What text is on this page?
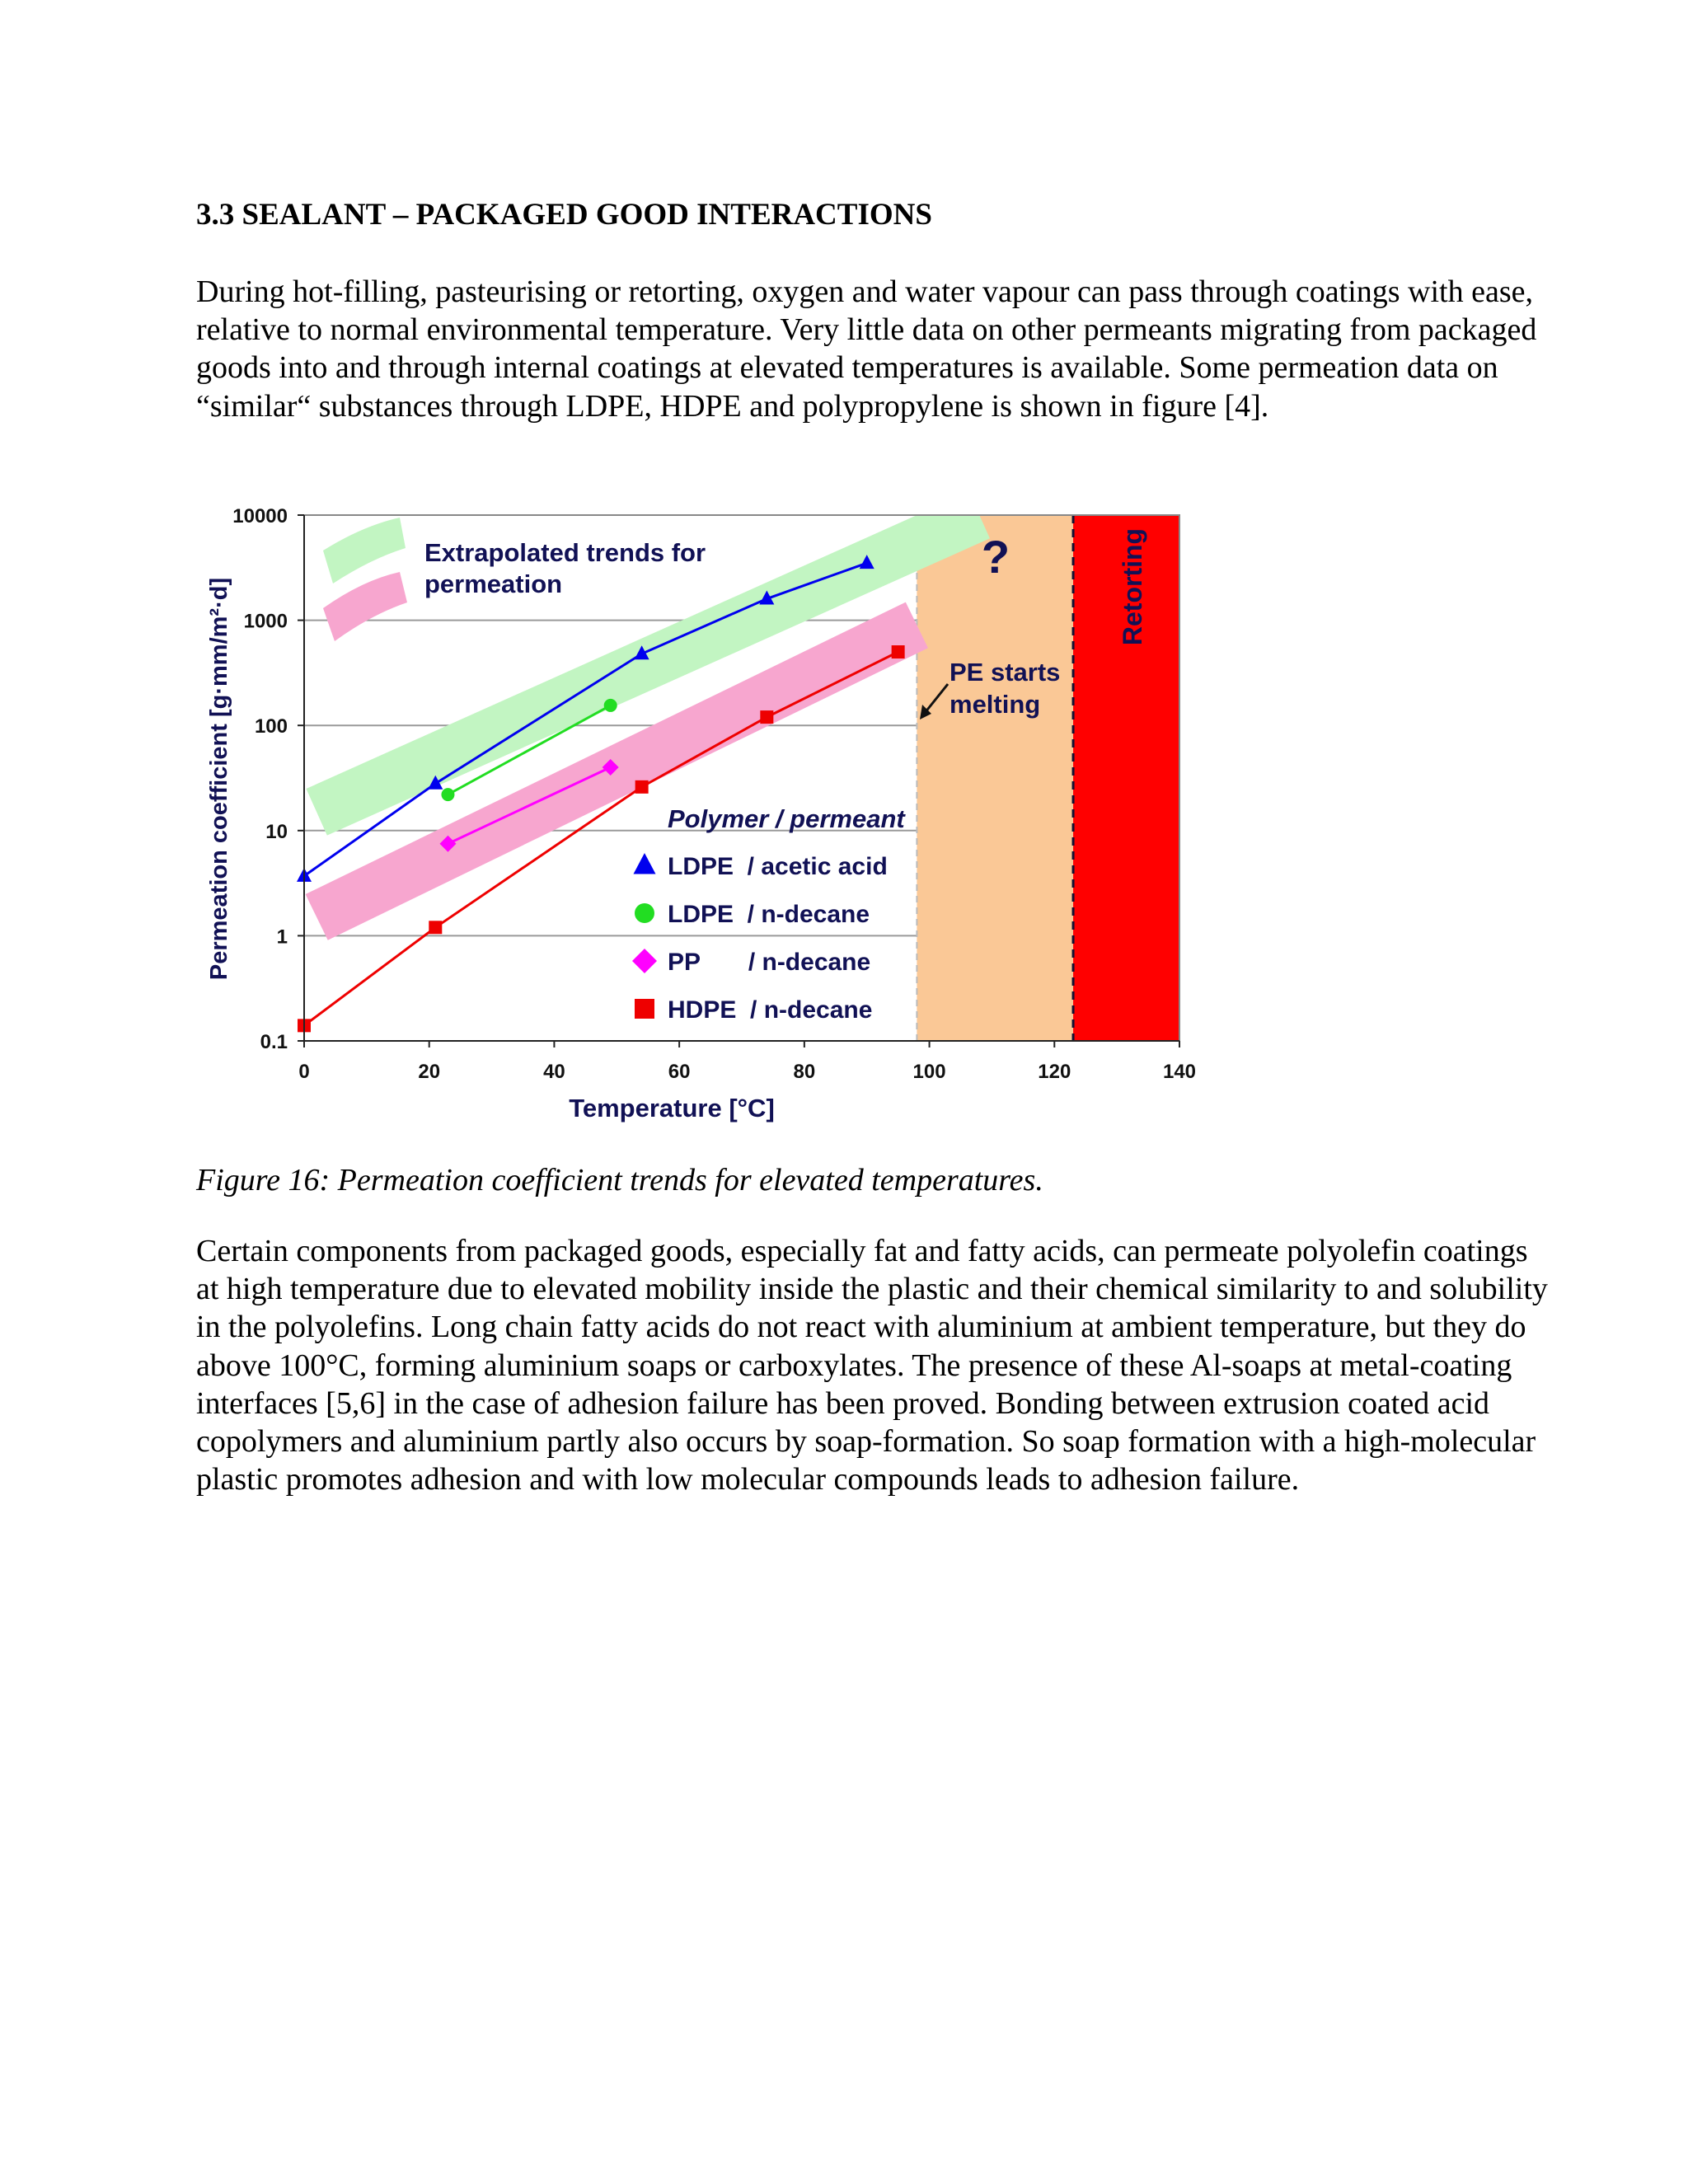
3.3 SEALANT – PACKAGED GOOD INTERACTIONS

During hot-filling, pasteurising or retorting, oxygen and water vapour can pass through coatings with ease, relative to normal environmental temperature. Very little data on other permeants migrating from packaged goods into and through internal coatings at elevated temperatures is available. Some permeation data on “similar“ substances through LDPE, HDPE and polypropylene is shown in figure [4].

0.1
1
10
100
1000
10000
0	20	40	60	80	100	120	140
Permeation coefficient [g·mm/m²·d]
Temperature [°C]
Extrapolated trends for
permeation
?
PE starts
melting
Retorting
Polymer / permeant
LDPE  / acetic acid
LDPE  / n-decane
PP       / n-decane
HDPE  / n-decane

Figure 16: Permeation coefficient trends for elevated temperatures.

Certain components from packaged goods, especially fat and fatty acids, can permeate polyolefin coatings at high temperature due to elevated mobility inside the plastic and their chemical similarity to and solubility in the polyolefins. Long chain fatty acids do not react with aluminium at ambient temperature, but they do above 100°C, forming aluminium soaps or carboxylates. The presence of these Al-soaps at metal-coating interfaces [5,6] in the case of adhesion failure has been proved. Bonding between extrusion coated acid copolymers and aluminium partly also occurs by soap-formation. So soap formation with a high-molecular plastic promotes adhesion and with low molecular compounds leads to adhesion failure.
